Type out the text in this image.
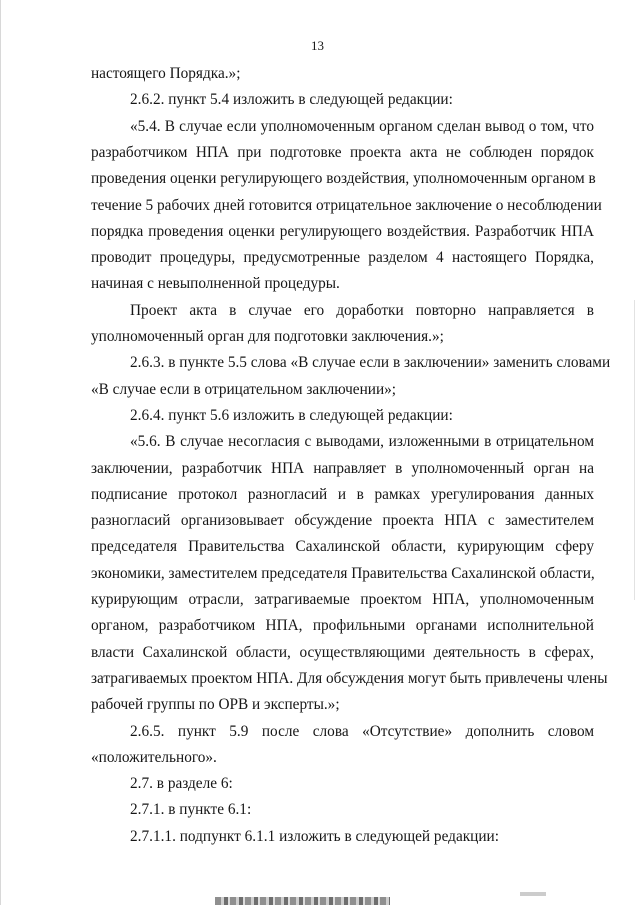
13
настоящего Порядка.»;
2.6.2. пункт 5.4 изложить в следующей редакции:
«5.4. В случае если уполномоченным органом сделан вывод о том, что
разработчиком НПА при подготовке проекта акта не соблюден порядок
проведения оценки регулирующего воздействия, уполномоченным органом в
течение 5 рабочих дней готовится отрицательное заключение о несоблюдении
порядка проведения оценки регулирующего воздействия. Разработчик НПА
проводит процедуры, предусмотренные разделом 4 настоящего Порядка,
начиная с невыполненной процедуры.
Проект акта в случае его доработки повторно направляется в
уполномоченный орган для подготовки заключения.»;
2.6.3. в пункте 5.5 слова «В случае если в заключении» заменить словами
«В случае если в отрицательном заключении»;
2.6.4. пункт 5.6 изложить в следующей редакции:
«5.6. В случае несогласия с выводами, изложенными в отрицательном
заключении, разработчик НПА направляет в уполномоченный орган на
подписание протокол разногласий и в рамках урегулирования данных
разногласий организовывает обсуждение проекта НПА с заместителем
председателя Правительства Сахалинской области, курирующим сферу
экономики, заместителем председателя Правительства Сахалинской области,
курирующим отрасли, затрагиваемые проектом НПА, уполномоченным
органом, разработчиком НПА, профильными органами исполнительной
власти Сахалинской области, осуществляющими деятельность в сферах,
затрагиваемых проектом НПА. Для обсуждения могут быть привлечены члены
рабочей группы по ОРВ и эксперты.»;
2.6.5. пункт 5.9 после слова «Отсутствие» дополнить словом
«положительного».
2.7. в разделе 6:
2.7.1. в пункте 6.1:
2.7.1.1. подпункт 6.1.1 изложить в следующей редакции:
